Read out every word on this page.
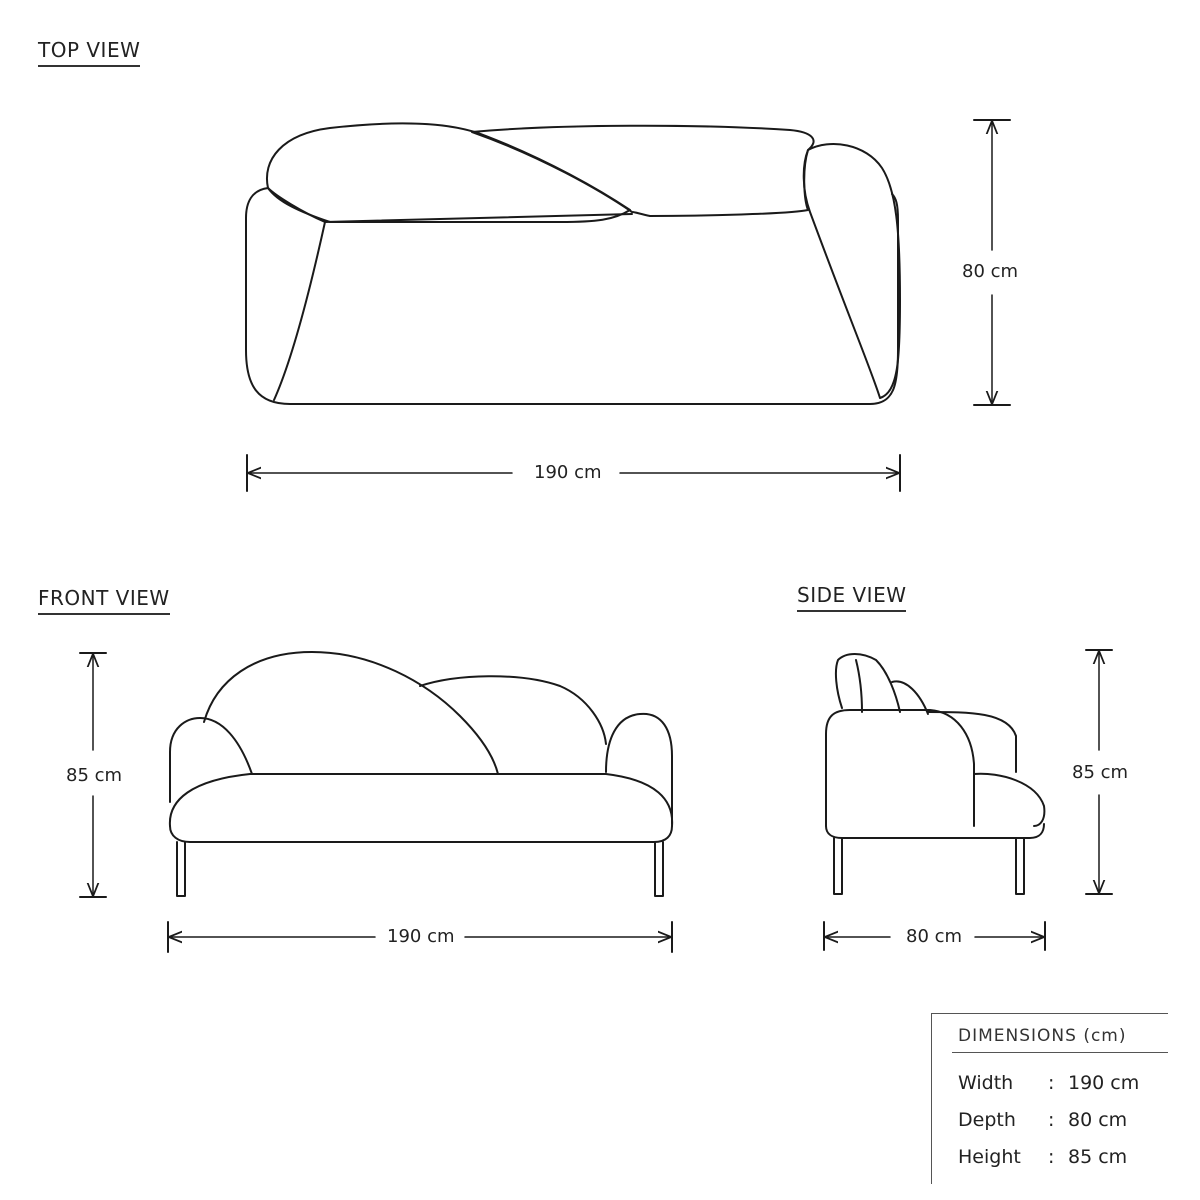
TOP VIEW
FRONT VIEW	SIDE VIEW
80 cm
190 cm
85 cm
190 cm
85 cm
80 cm
DIMENSIONS (cm)
Width : 190 cm
Depth : 80 cm
Height : 85 cm
